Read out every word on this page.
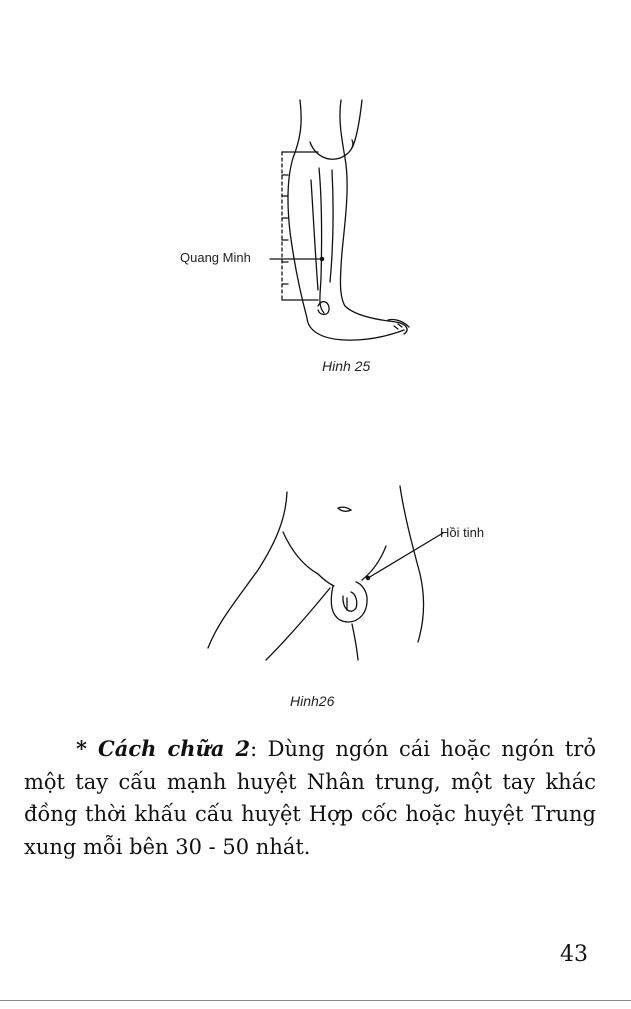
Quang Minh
Hinh 25
Hồi tinh
Hinh26

* Cách chữa 2: Dùng ngón cái hoặc ngón trỏ một tay cấu mạnh huyệt Nhân trung, một tay khác đồng thời khấu cấu huyệt Hợp cốc hoặc huyệt Trung xung mỗi bên 30 - 50 nhát.

43
